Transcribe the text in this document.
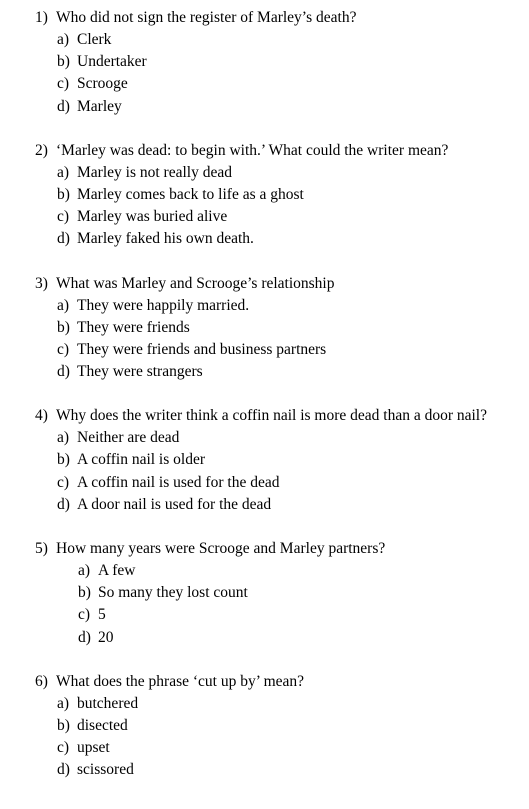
1) Who did not sign the register of Marley’s death?
a) Clerk
b) Undertaker
c) Scrooge
d) Marley
2) ‘Marley was dead: to begin with.’ What could the writer mean?
a) Marley is not really dead
b) Marley comes back to life as a ghost
c) Marley was buried alive
d) Marley faked his own death.
3) What was Marley and Scrooge’s relationship
a) They were happily married.
b) They were friends
c) They were friends and business partners
d) They were strangers
4) Why does the writer think a coffin nail is more dead than a door nail?
a) Neither are dead
b) A coffin nail is older
c) A coffin nail is used for the dead
d) A door nail is used for the dead
5) How many years were Scrooge and Marley partners?
a) A few
b) So many they lost count
c) 5
d) 20
6) What does the phrase ‘cut up by’ mean?
a) butchered
b) disected
c) upset
d) scissored
